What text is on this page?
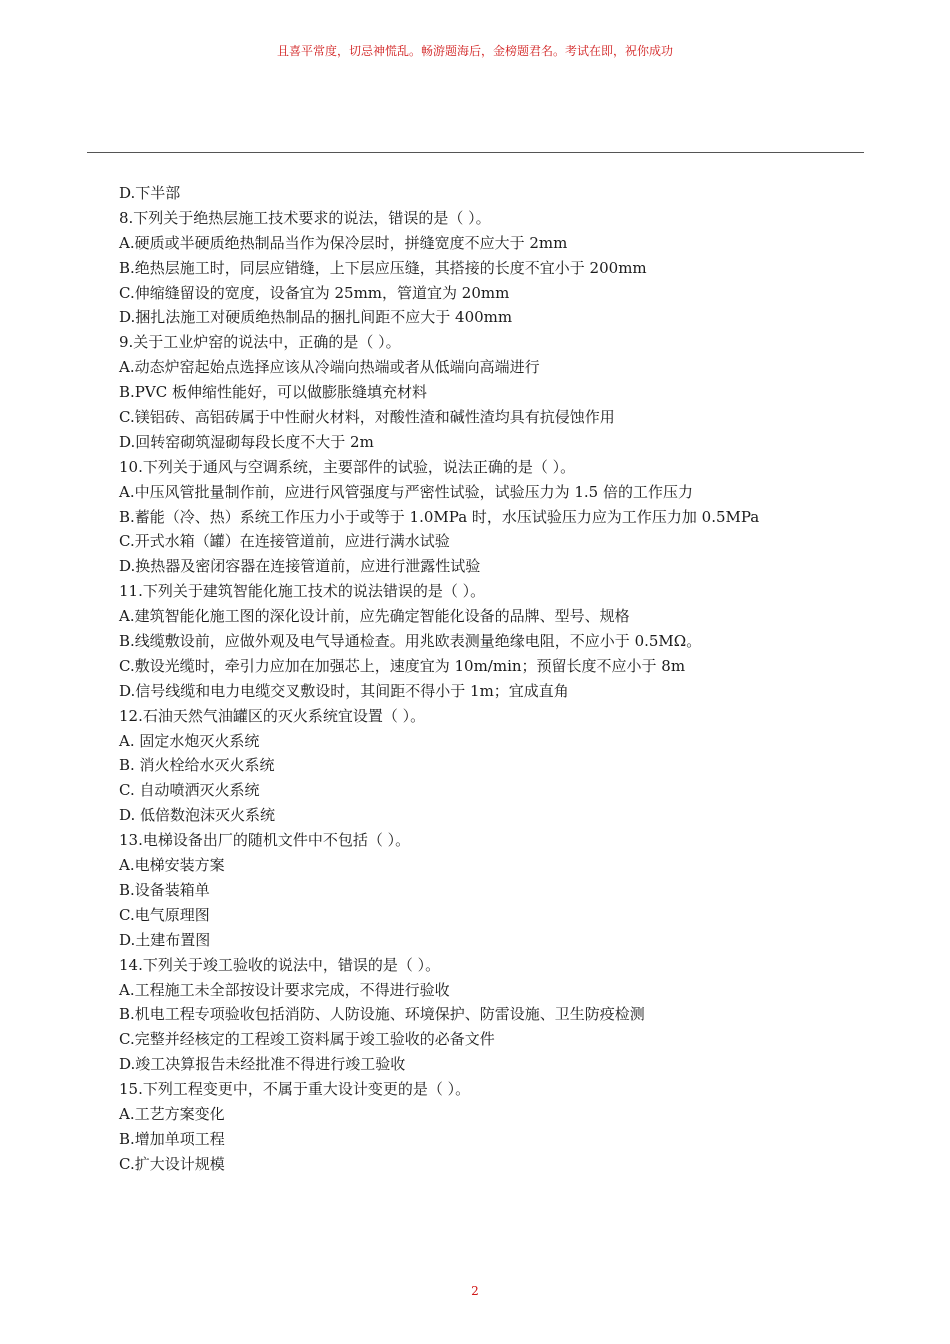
且喜平常度，切忌神慌乱。畅游题海后，金榜题君名。考试在即，祝你成功
D.下半部
8.下列关于绝热层施工技术要求的说法，错误的是（ ）。
A.硬质或半硬质绝热制品当作为保冷层时，拼缝宽度不应大于 2mm
B.绝热层施工时，同层应错缝，上下层应压缝，其搭接的长度不宜小于 200mm
C.伸缩缝留设的宽度，设备宜为 25mm，管道宜为 20mm
D.捆扎法施工对硬质绝热制品的捆扎间距不应大于 400mm
9.关于工业炉窑的说法中，正确的是（ ）。
A.动态炉窑起始点选择应该从冷端向热端或者从低端向高端进行
B.PVC 板伸缩性能好，可以做膨胀缝填充材料
C.镁铝砖、高铝砖属于中性耐火材料，对酸性渣和碱性渣均具有抗侵蚀作用
D.回转窑砌筑湿砌每段长度不大于 2m
10.下列关于通风与空调系统，主要部件的试验，说法正确的是（ ）。
A.中压风管批量制作前，应进行风管强度与严密性试验，试验压力为 1.5 倍的工作压力
B.蓄能（冷、热）系统工作压力小于或等于 1.0MPa 时，水压试验压力应为工作压力加 0.5MPa
C.开式水箱（罐）在连接管道前，应进行满水试验
D.换热器及密闭容器在连接管道前，应进行泄露性试验
11.下列关于建筑智能化施工技术的说法错误的是（ ）。
A.建筑智能化施工图的深化设计前，应先确定智能化设备的品牌、型号、规格
B.线缆敷设前，应做外观及电气导通检查。用兆欧表测量绝缘电阻，不应小于 0.5MΩ。
C.敷设光缆时，牵引力应加在加强芯上，速度宜为 10m/min；预留长度不应小于 8m
D.信号线缆和电力电缆交叉敷设时，其间距不得小于 1m；宜成直角
12.石油天然气油罐区的灭火系统宜设置（ ）。
A. 固定水炮灭火系统
B. 消火栓给水灭火系统
C. 自动喷洒灭火系统
D. 低倍数泡沫灭火系统
13.电梯设备出厂的随机文件中不包括（ ）。
A.电梯安装方案
B.设备装箱单
C.电气原理图
D.土建布置图
14.下列关于竣工验收的说法中，错误的是（ ）。
A.工程施工未全部按设计要求完成，不得进行验收
B.机电工程专项验收包括消防、人防设施、环境保护、防雷设施、卫生防疫检测
C.完整并经核定的工程竣工资料属于竣工验收的必备文件
D.竣工决算报告未经批准不得进行竣工验收
15.下列工程变更中，不属于重大设计变更的是（ ）。
A.工艺方案变化
B.增加单项工程
C.扩大设计规模
2
